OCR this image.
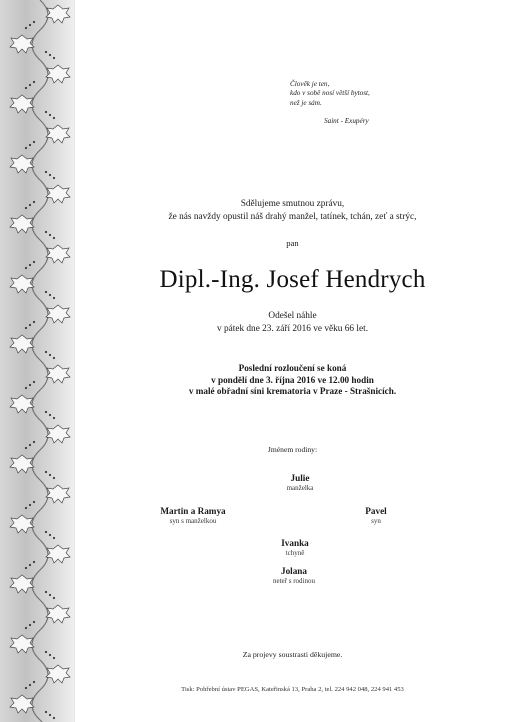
Člověk je ten,
kdo v sobě nosí větší bytost,
než je sám.
Saint - Exupéry
Sdělujeme smutnou zprávu,
že nás navždy opustil náš drahý manžel, tatínek, tchán, zeť a strýc,
pan
Dipl.-Ing. Josef Hendrych
Odešel náhle
v pátek dne 23. září 2016 ve věku 66 let.
Poslední rozloučení se koná
v pondělí dne 3. října 2016 ve 12.00 hodin
v malé obřadní síni krematoria v Praze - Strašnicích.
Jménem rodiny:
Julie
manželka
Martin a Ramya
syn s manželkou
Pavel
syn
Ivanka
tchyně
Jolana
neteř s rodinou
Za projevy soustrasti děkujeme.
Tisk: Pohřební ústav PEGAS, Kateřinská 13, Praha 2, tel. 224 942 048, 224 941 453
